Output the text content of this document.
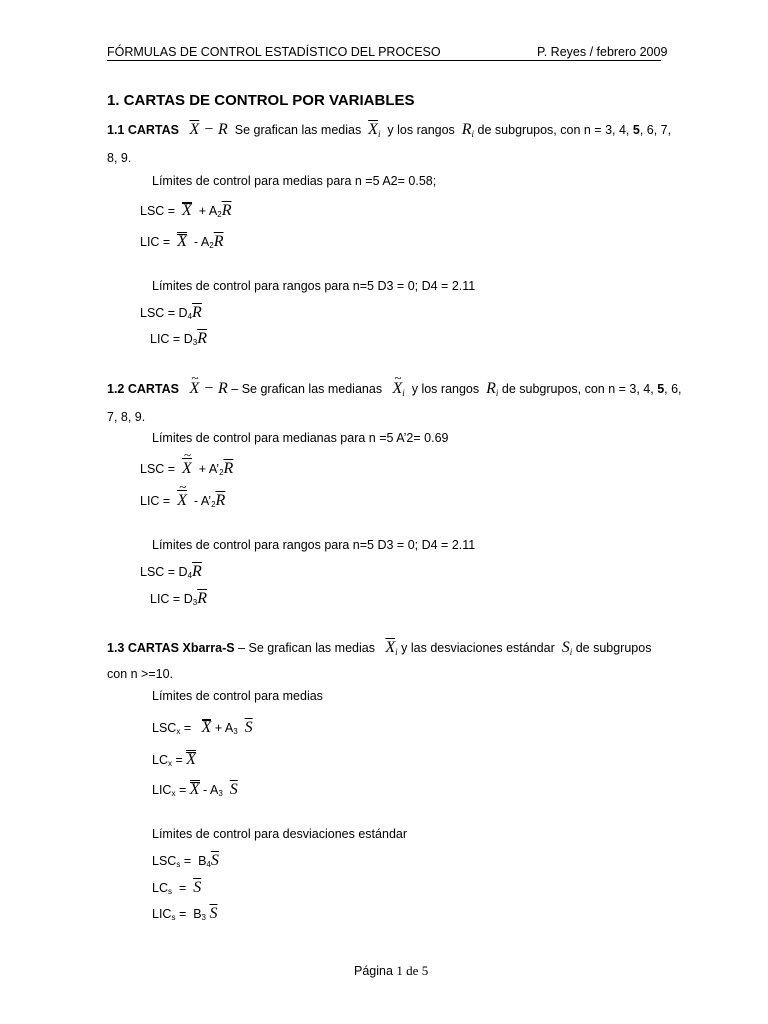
FÓRMULAS DE CONTROL ESTADÍSTICO DEL PROCESO	P. Reyes / febrero 2009
1. CARTAS DE CONTROL POR VARIABLES
1.1 CARTAS $\overline{X} - R$ Se grafican las medias $\overline{X}i$ y los rangos Ri de subgrupos, con n = 3, 4, 5, 6, 7,
8, 9.
Límites de control para medias para n =5 A2= 0.58;
LSC = $X + A_2\overline{R}$
LIC = X - $A_2\overline{R}$
Límites de control para rangos para n=5 D3 = 0; D4 = 2.11
LSC = $D_4\overline{R}$
LIC = $D_3\overline{R}$
1.2 CARTAS ~ X − R – Se grafican las medianas ~ Xi y los rangos Ri de subgrupos, con n = 3, 4, 5, 6,
7, 8, 9.
Límites de control para medianas para n =5 A’2= 0.69
LSC = ~ $X + A’_2\overline{R}$
LIC = ~ X - $A’_2\overline{R}$
Límites de control para rangos para n=5 D3 = 0; D4 = 2.11
LSC = $D_4\overline{R}$
LIC = $D_3\overline{R}$
1.3 CARTAS Xbarra-S – Se grafican las medias $\overline{X}i$ y las desviaciones estándar Si de subgrupos
con n >=10.
Límites de control para medias
$LSC_x = X + A_3$ $\overline{S}$
$LC_x = X$
$LIC_x = X - A_3$ $\overline{S}$
Límites de control para desviaciones estándar
$LSC_s = B_4\overline{S}$
$LC_s = \overline{S}$
$LIC_s = B_3$ $\overline{S}$
Página 1 de 5
